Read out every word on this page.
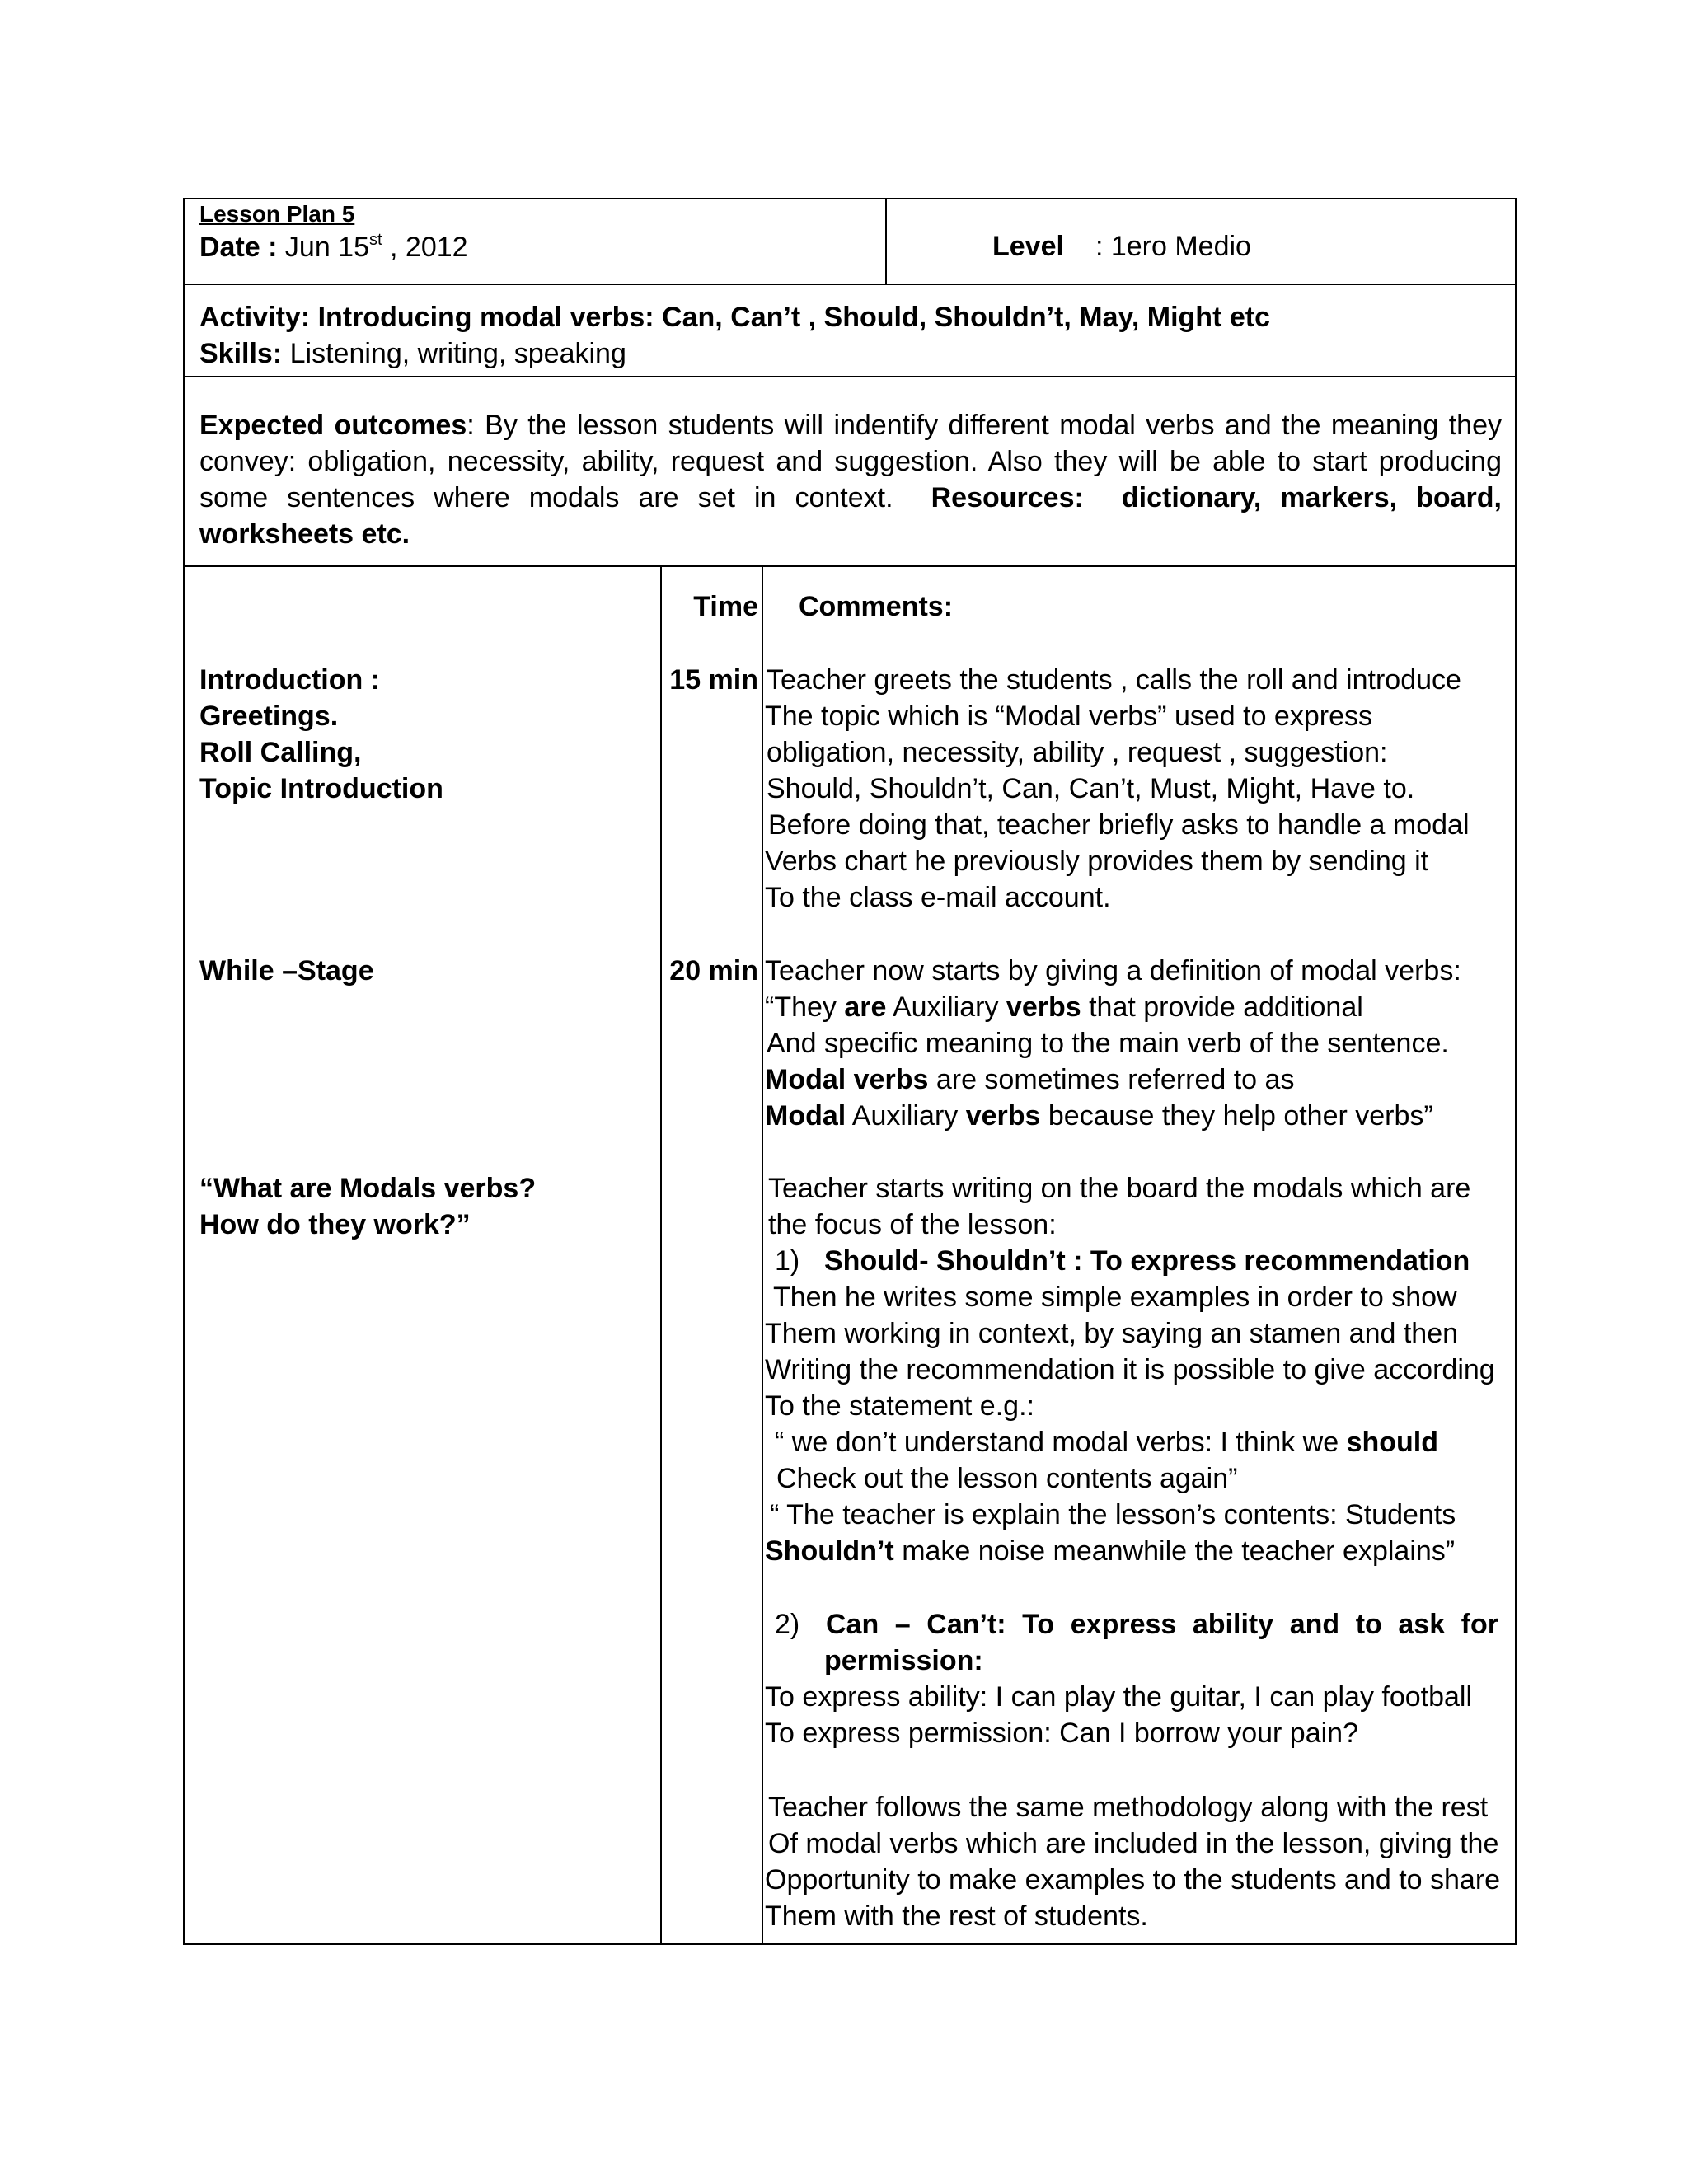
Lesson Plan 5
Date : Jun 15st , 2012	Level : 1ero Medio
Activity: Introducing modal verbs: Can, Can’t , Should, Shouldn’t, May, Might etc
Skills: Listening, writing, speaking
Expected outcomes: By the lesson students will indentify different modal verbs and the meaning they convey: obligation, necessity, ability, request and suggestion. Also they will be able to start producing some sentences where modals are set in context. Resources: dictionary, markers, board, worksheets etc.
Time Comments:
Introduction :
Greetings.
Roll Calling,
Topic Introduction
15 min Teacher greets the students , calls the roll and introduce
The topic which is “Modal verbs” used to express
obligation, necessity, ability , request , suggestion:
Should, Shouldn’t, Can, Can’t, Must, Might, Have to.
Before doing that, teacher briefly asks to handle a modal
Verbs chart he previously provides them by sending it
To the class e-mail account.
While –Stage	20 min Teacher now starts by giving a definition of modal verbs:
“They are Auxiliary verbs that provide additional
And specific meaning to the main verb of the sentence.
Modal verbs are sometimes referred to as
Modal Auxiliary verbs because they help other verbs”
“What are Modals verbs?
How do they work?”
Teacher starts writing on the board the modals which are
the focus of the lesson:
1) Should- Shouldn’t : To express recommendation
Then he writes some simple examples in order to show
Them working in context, by saying an stamen and then
Writing the recommendation it is possible to give according
To the statement e.g.:
“ we don’t understand modal verbs: I think we should
Check out the lesson contents again”
“ The teacher is explain the lesson’s contents: Students
Shouldn’t make noise meanwhile the teacher explains”
2) Can – Can’t: To express ability and to ask for
permission:
To express ability: I can play the guitar, I can play football
To express permission: Can I borrow your pain?
Teacher follows the same methodology along with the rest
Of modal verbs which are included in the lesson, giving the
Opportunity to make examples to the students and to share
Them with the rest of students.
